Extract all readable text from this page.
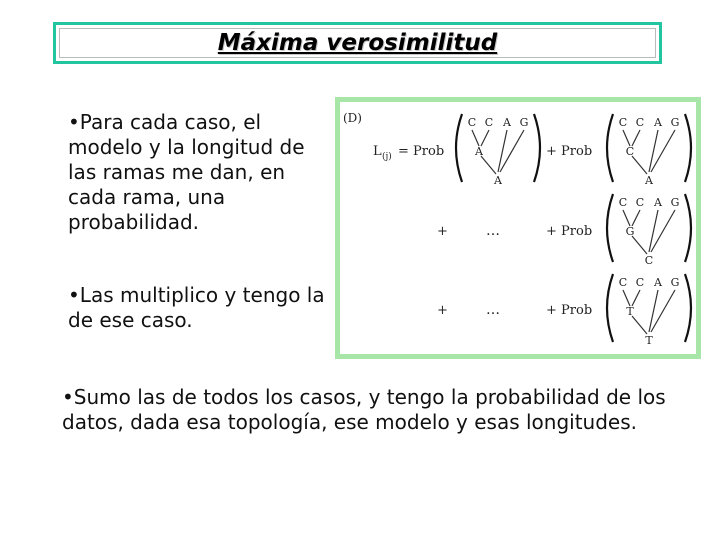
Máxima verosimilitud

•Para cada caso, el modelo y la longitud de las ramas me dan, en cada rama, una probabilidad.

•Las multiplico y tengo la de ese caso.

•Sumo las de todos los casos, y tengo la probabilidad de los datos, dada esa topología, ese modelo y esas longitudes.

(D)
L (j) = Prob	+ Prob
+	…	+ Prob
+	…	+ Prob
C C A G
A
A
C C A G
C
A
C C A G
G
C
C C A G
T
T
